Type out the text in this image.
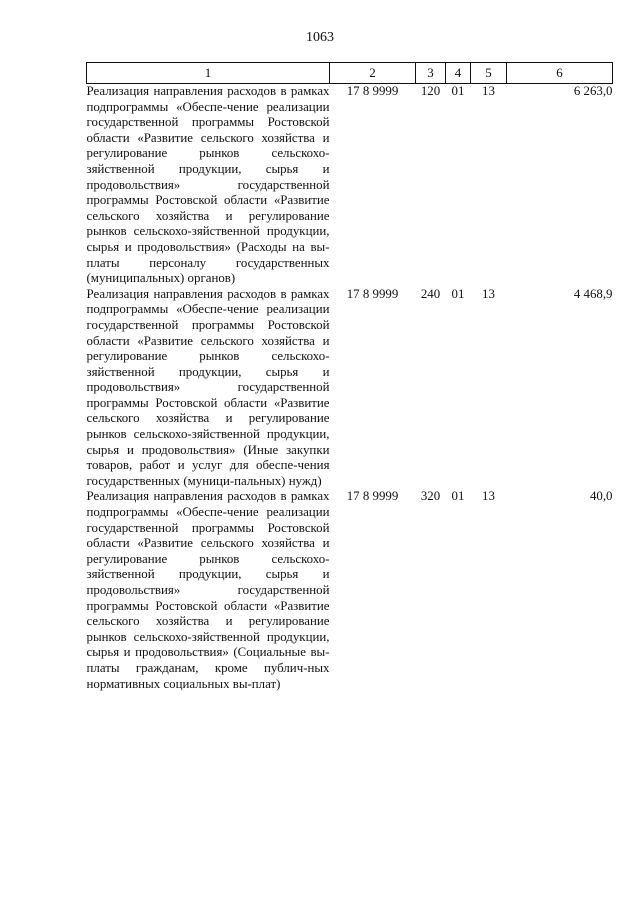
1063
1	2	3	4	5	6
Реализация направления расходов в рамках подпрограммы «Обеспе-чение реализации государственной программы Ростовской области «Развитие сельского хозяйства и регулирование рынков сельскохо-зяйственной продукции, сырья и продовольствия» государственной программы Ростовской области «Развитие сельского хозяйства и регулирование рынков сельскохо-зяйственной продукции, сырья и продовольствия» (Расходы на вы-платы персоналу государственных (муниципальных) органов)	17 8 9999	120	01	13	6 263,0
Реализация направления расходов в рамках подпрограммы «Обеспе-чение реализации государственной программы Ростовской области «Развитие сельского хозяйства и регулирование рынков сельскохо-зяйственной продукции, сырья и продовольствия» государственной программы Ростовской области «Развитие сельского хозяйства и регулирование рынков сельскохо-зяйственной продукции, сырья и продовольствия» (Иные закупки товаров, работ и услуг для обеспе-чения государственных (муници-пальных) нужд)	17 8 9999	240	01	13	4 468,9
Реализация направления расходов в рамках подпрограммы «Обеспе-чение реализации государственной программы Ростовской области «Развитие сельского хозяйства и регулирование рынков сельскохо-зяйственной продукции, сырья и продовольствия» государственной программы Ростовской области «Развитие сельского хозяйства и регулирование рынков сельскохо-зяйственной продукции, сырья и продовольствия» (Социальные вы-платы гражданам, кроме публич-ных нормативных социальных вы-плат)	17 8 9999	320	01	13	40,0
